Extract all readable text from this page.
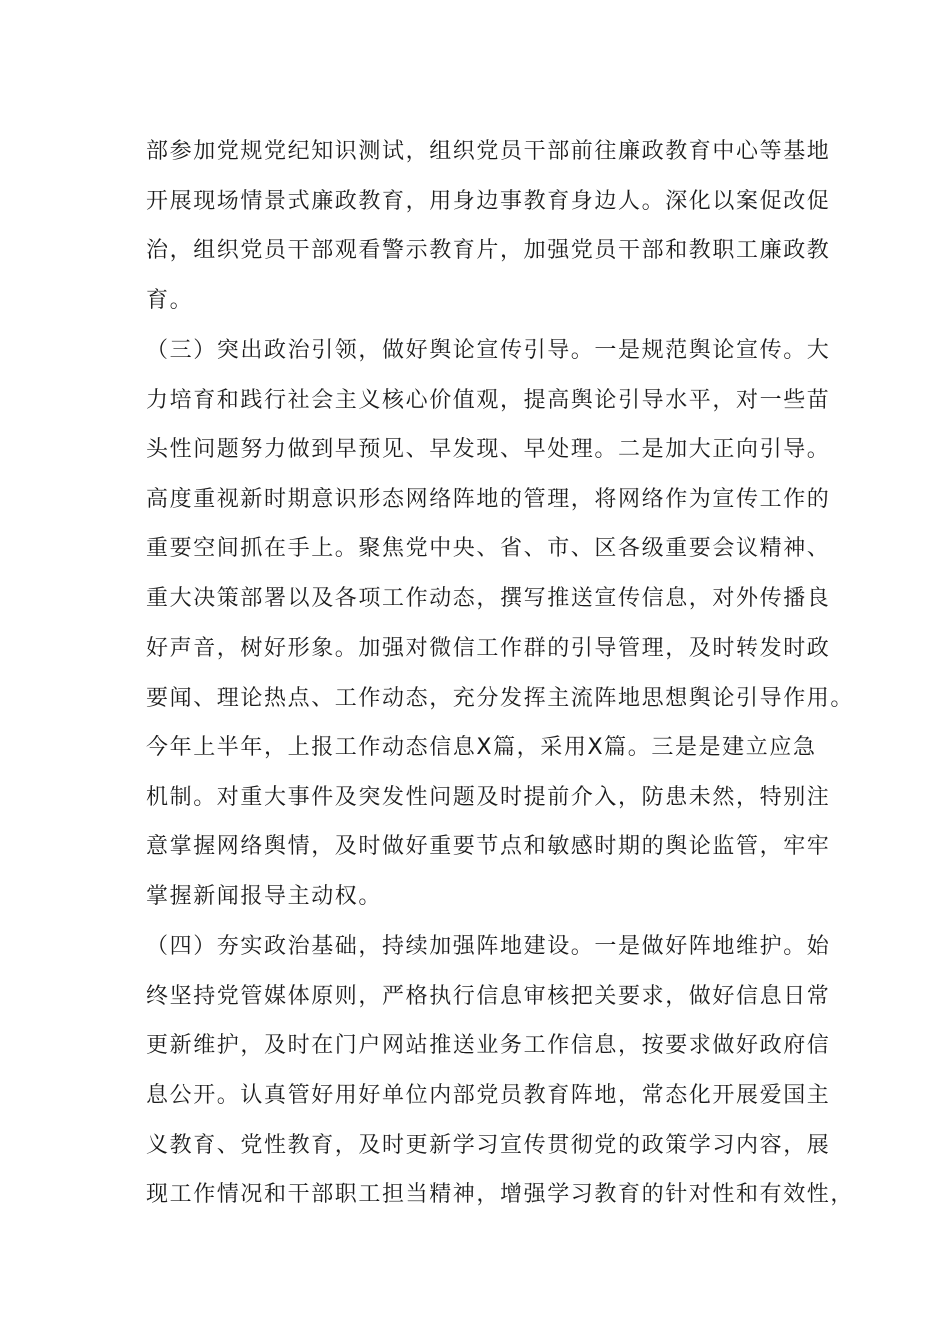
部参加党规党纪知识测试，组织党员干部前往廉政教育中心等基地
开展现场情景式廉政教育，用身边事教育身边人。深化以案促改促
治，组织党员干部观看警示教育片，加强党员干部和教职工廉政教
育。
（三）突出政治引领，做好舆论宣传引导。一是规范舆论宣传。大
力培育和践行社会主义核心价值观，提高舆论引导水平，对一些苗
头性问题努力做到早预见、早发现、早处理。二是加大正向引导。
高度重视新时期意识形态网络阵地的管理，将网络作为宣传工作的
重要空间抓在手上。聚焦党中央、省、市、区各级重要会议精神、
重大决策部署以及各项工作动态，撰写推送宣传信息，对外传播良
好声音，树好形象。加强对微信工作群的引导管理，及时转发时政
要闻、理论热点、工作动态，充分发挥主流阵地思想舆论引导作用。
今年上半年，上报工作动态信息X篇，采用X篇。三是是建立应急
机制。对重大事件及突发性问题及时提前介入，防患未然，特别注
意掌握网络舆情，及时做好重要节点和敏感时期的舆论监管，牢牢
掌握新闻报导主动权。
（四）夯实政治基础，持续加强阵地建设。一是做好阵地维护。始
终坚持党管媒体原则，严格执行信息审核把关要求，做好信息日常
更新维护，及时在门户网站推送业务工作信息，按要求做好政府信
息公开。认真管好用好单位内部党员教育阵地，常态化开展爱国主
义教育、党性教育，及时更新学习宣传贯彻党的政策学习内容，展
现工作情况和干部职工担当精神，增强学习教育的针对性和有效性，
